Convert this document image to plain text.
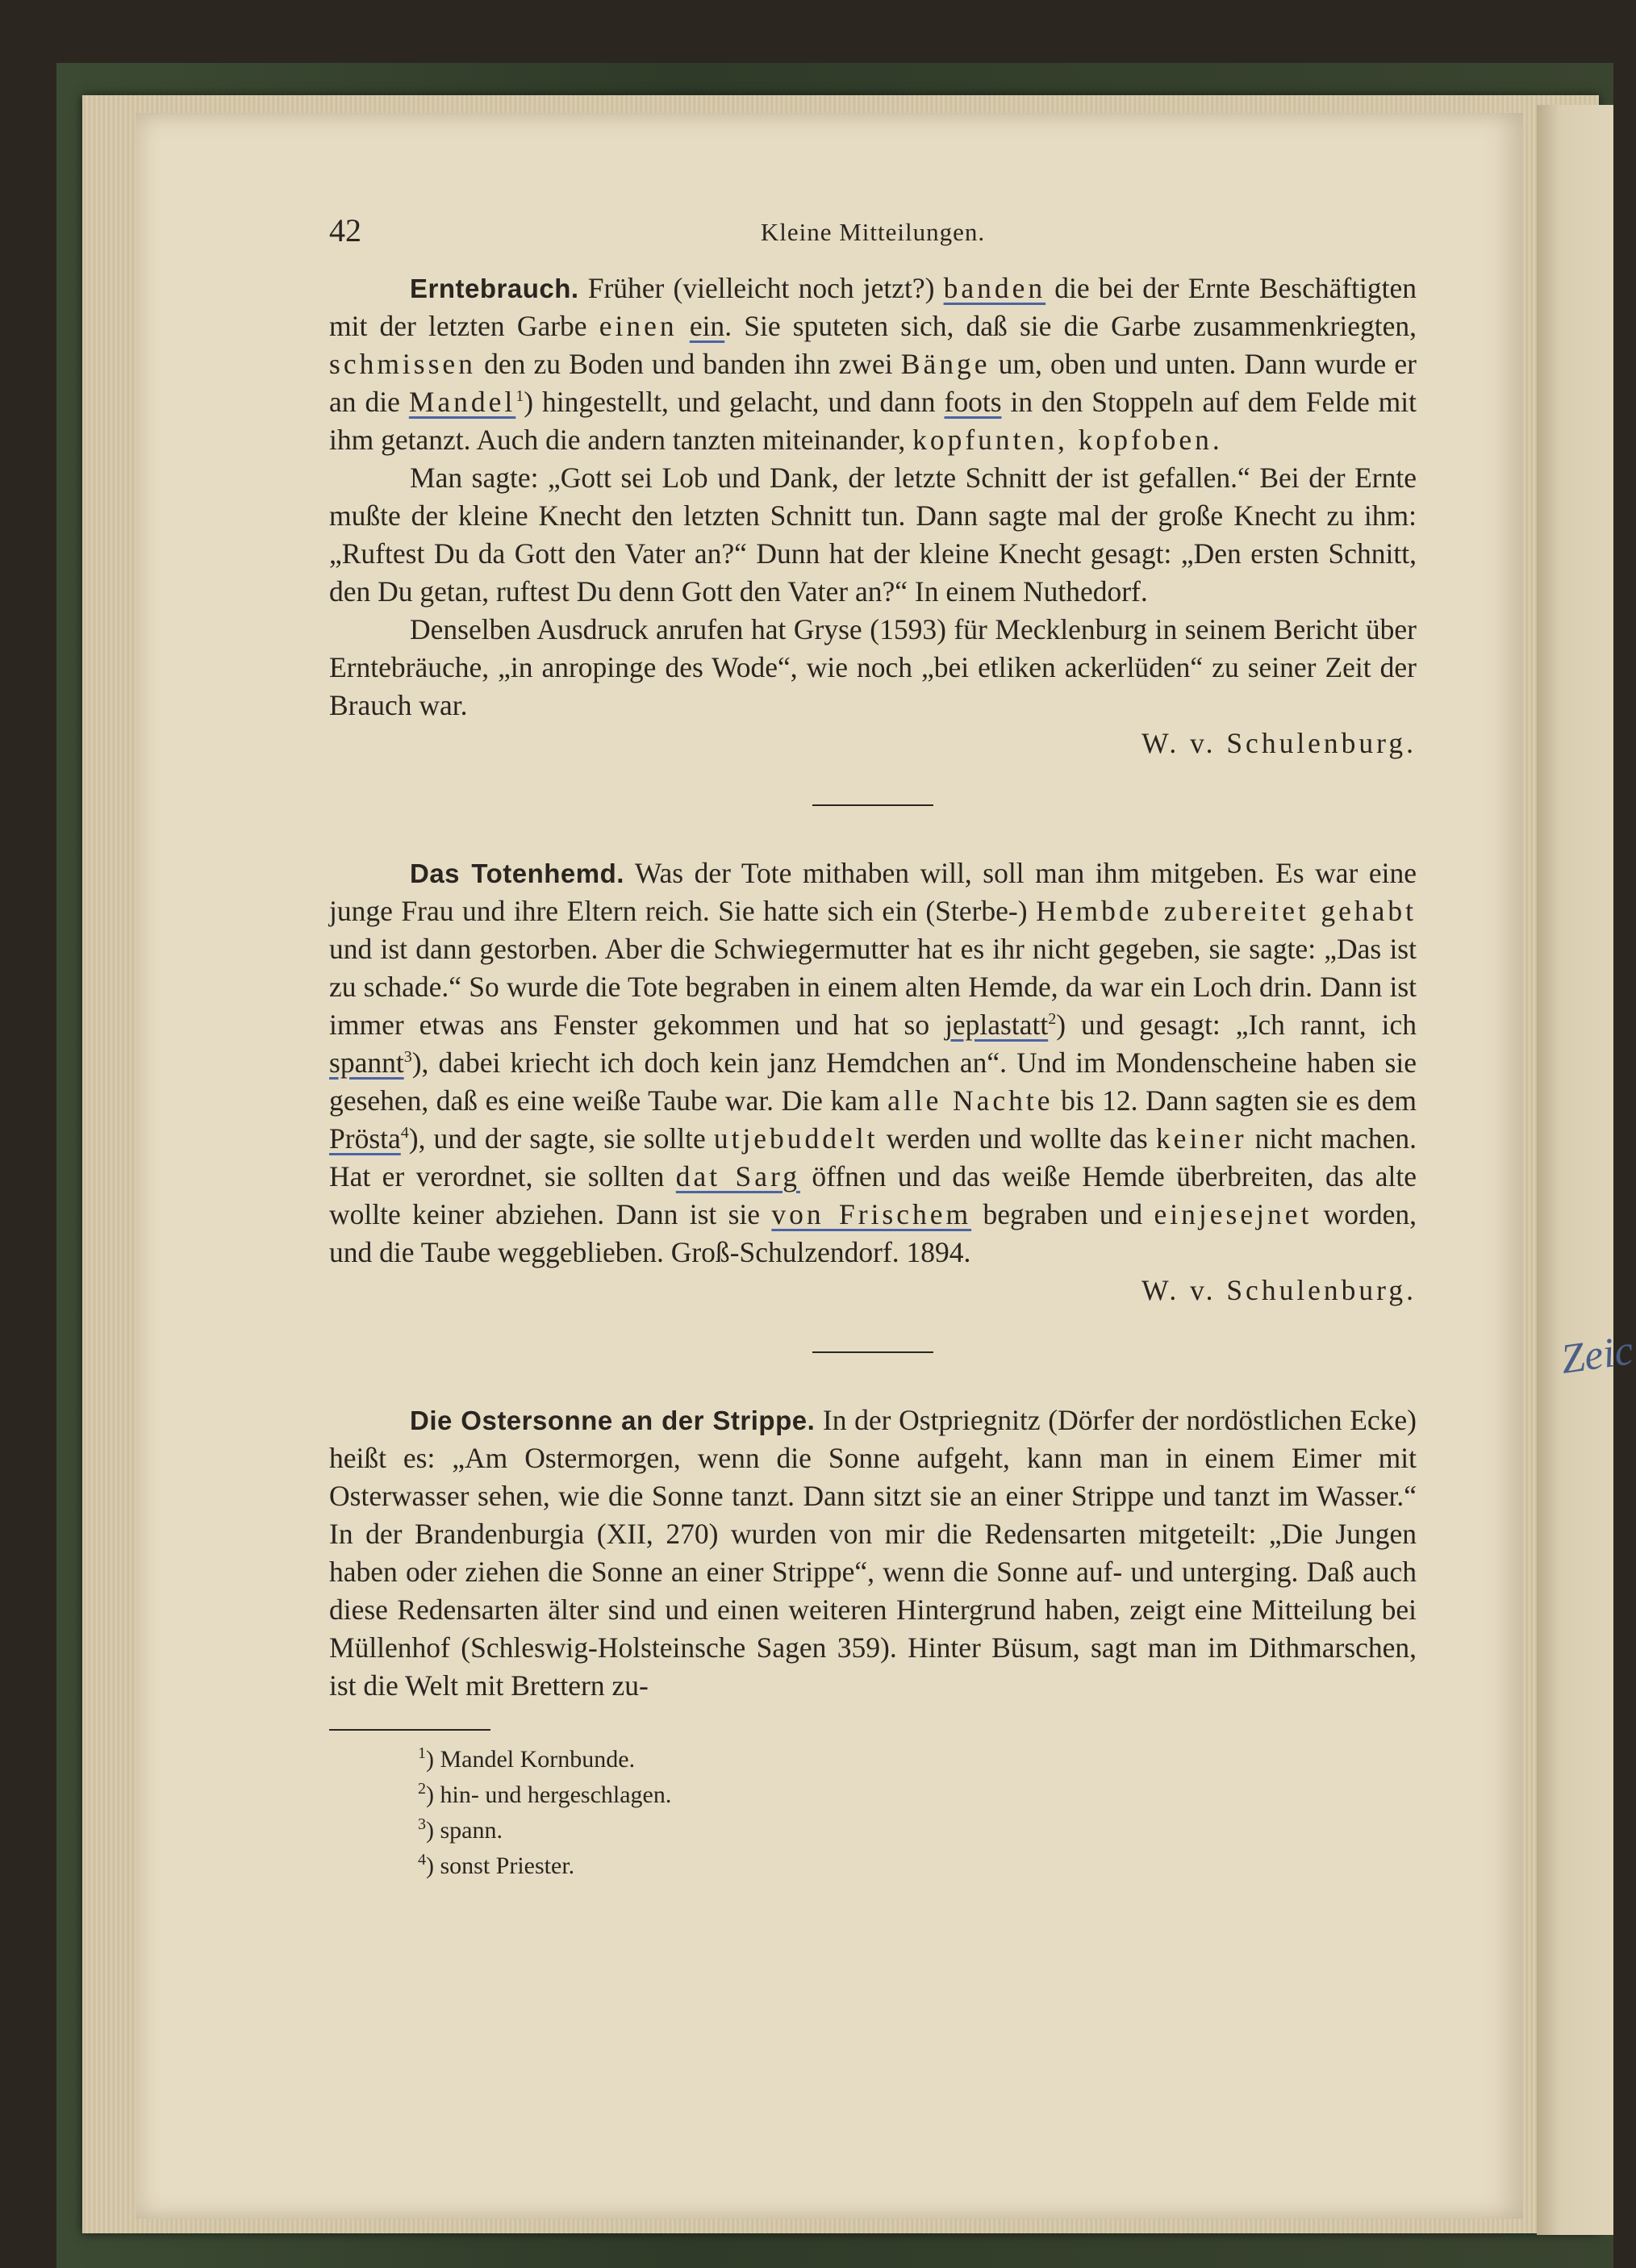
Zeic
42	Kleine Mitteilungen.

Erntebrauch. Früher (vielleicht noch jetzt?) banden die bei der Ernte Beschäftigten mit der letzten Garbe einen ein. Sie sputeten sich, daß sie die Garbe zusammenkriegten, schmissen den zu Boden und banden ihn zwei Bänge um, oben und unten. Dann wurde er an die Mandel$^1$) hingestellt, und gelacht, und dann foots in den Stoppeln auf dem Felde mit ihm getanzt. Auch die andern tanzten miteinander, kopfunten, kopfoben.

Man sagte: „Gott sei Lob und Dank, der letzte Schnitt der ist gefallen.“ Bei der Ernte mußte der kleine Knecht den letzten Schnitt tun. Dann sagte mal der große Knecht zu ihm: „Ruftest Du da Gott den Vater an?“ Dunn hat der kleine Knecht gesagt: „Den ersten Schnitt, den Du getan, ruftest Du denn Gott den Vater an?“ In einem Nuthedorf.

Denselben Ausdruck anrufen hat Gryse (1593) für Mecklenburg in seinem Bericht über Erntebräuche, „in anropinge des Wode“, wie noch „bei etliken ackerlüden“ zu seiner Zeit der Brauch war.
W. v. Schulenburg.

Das Totenhemd. Was der Tote mithaben will, soll man ihm mitgeben. Es war eine junge Frau und ihre Eltern reich. Sie hatte sich ein (Sterbe-) Hembde zubereitet gehabt und ist dann gestorben. Aber die Schwiegermutter hat es ihr nicht gegeben, sie sagte: „Das ist zu schade.“ So wurde die Tote begraben in einem alten Hemde, da war ein Loch drin. Dann ist immer etwas ans Fenster gekommen und hat so jeplastatt$^2$) und gesagt: „Ich rannt, ich spannt$^3$), dabei kriecht ich doch kein janz Hemdchen an“. Und im Mondenscheine haben sie gesehen, daß es eine weiße Taube war. Die kam alle Nachte bis 12. Dann sagten sie es dem Prösta$^4$), und der sagte, sie sollte utjebuddelt werden und wollte das keiner nicht machen. Hat er verordnet, sie sollten dat Sarg öffnen und das weiße Hemde überbreiten, das alte wollte keiner abziehen. Dann ist sie von Frischem begraben und einjesejnet worden, und die Taube weggeblieben. Groß-Schulzendorf. 1894.
W. v. Schulenburg.

Die Ostersonne an der Strippe. In der Ostpriegnitz (Dörfer der nordöstlichen Ecke) heißt es: „Am Ostermorgen, wenn die Sonne aufgeht, kann man in einem Eimer mit Osterwasser sehen, wie die Sonne tanzt. Dann sitzt sie an einer Strippe und tanzt im Wasser.“ In der Brandenburgia (XII, 270) wurden von mir die Redensarten mitgeteilt: „Die Jungen haben oder ziehen die Sonne an einer Strippe“, wenn die Sonne auf- und unterging. Daß auch diese Redensarten älter sind und einen weiteren Hintergrund haben, zeigt eine Mitteilung bei Müllenhof (Schleswig-Holsteinsche Sagen 359). Hinter Büsum, sagt man im Dithmarschen, ist die Welt mit Brettern zu-

$^1$) Mandel Kornbunde.
$^2$) hin- und hergeschlagen.
$^3$) spann.
$^4$) sonst Priester.
